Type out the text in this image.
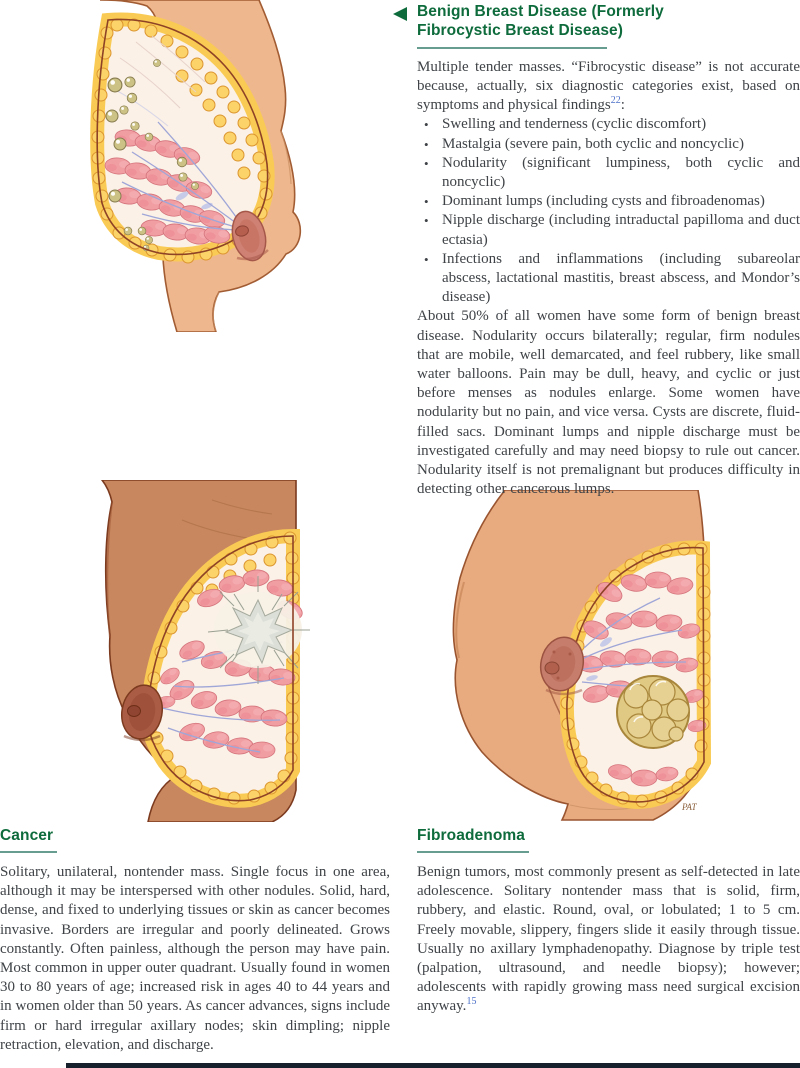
PAT
Benign Breast Disease (Formerly
Fibrocystic Breast Disease)

Multiple tender masses. “Fibrocystic disease” is not accurate because, actually, six diagnostic categories exist, based on symptoms and physical findings$^{22}$:

• Swelling and tenderness (cyclic discomfort)
• Mastalgia (severe pain, both cyclic and noncyclic)
• Nodularity (significant lumpiness, both cyclic and noncyclic)
• Dominant lumps (including cysts and fibroadenomas)
• Nipple discharge (including intraductal papilloma and duct ectasia)
• Infections and inflammations (including subareolar abscess, lactational mastitis, breast abscess, and Mondor’s disease)

About 50% of all women have some form of benign breast disease. Nodularity occurs bilaterally; regular, firm nodules that are mobile, well demarcated, and feel rubbery, like small water balloons. Pain may be dull, heavy, and cyclic or just before menses as nodules enlarge. Some women have nodularity but no pain, and vice versa. Cysts are discrete, fluid-filled sacs. Dominant lumps and nipple discharge must be investigated carefully and may need biopsy to rule out cancer. Nodularity itself is not premalignant but produces difficulty in detecting other cancerous lumps.

Cancer

Solitary, unilateral, nontender mass. Single focus in one area, although it may be interspersed with other nodules. Solid, hard, dense, and fixed to underlying tissues or skin as cancer becomes invasive. Borders are irregular and poorly delineated. Grows constantly. Often painless, although the person may have pain. Most common in upper outer quadrant. Usually found in women 30 to 80 years of age; increased risk in ages 40 to 44 years and in women older than 50 years. As cancer advances, signs include firm or hard irregular axillary nodes; skin dimpling; nipple retraction, elevation, and discharge.

Fibroadenoma

Benign tumors, most commonly present as self-detected in late adolescence. Solitary nontender mass that is solid, firm, rubbery, and elastic. Round, oval, or lobulated; 1 to 5 cm. Freely movable, slippery, fingers slide it easily through tissue. Usually no axillary lymphadenopathy. Diagnose by triple test (palpation, ultrasound, and needle biopsy); however; adolescents with rapidly growing mass need surgical excision anyway.$^{15}$
